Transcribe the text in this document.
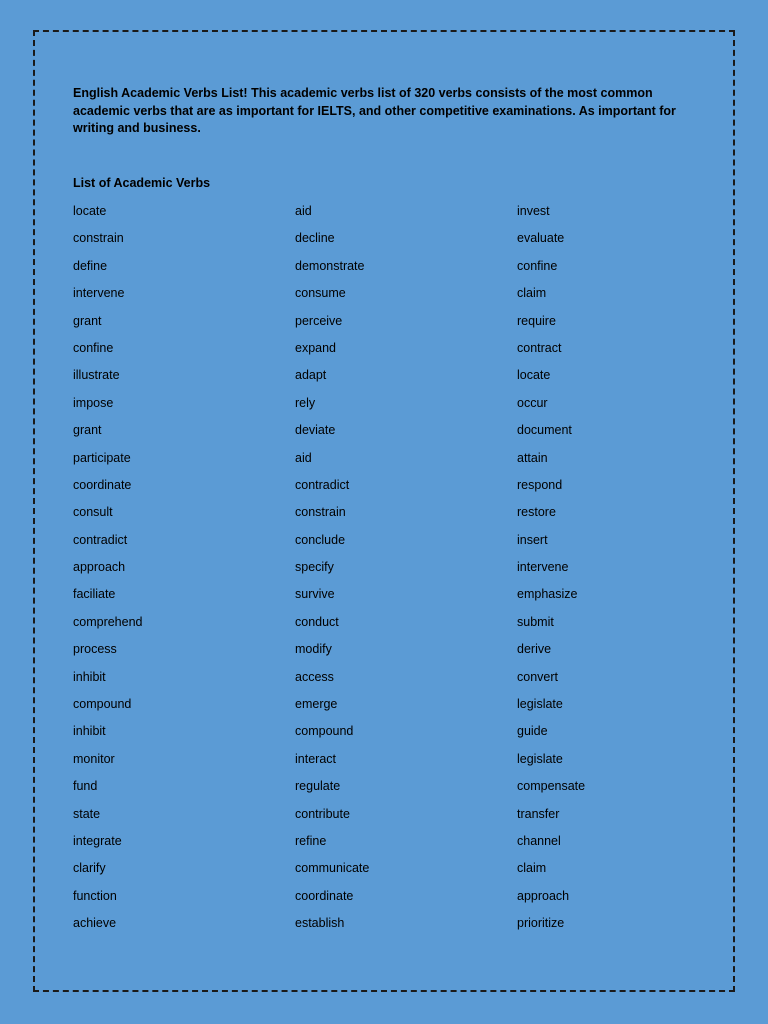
English Academic Verbs List! This academic verbs list of 320 verbs consists of the most common academic verbs that are as important for IELTS, and other competitive examinations. As important for writing and business.

List of Academic Verbs

locate	aid	invest
constrain	decline	evaluate
define	demonstrate	confine
intervene	consume	claim
grant	perceive	require
confine	expand	contract
illustrate	adapt	locate
impose	rely	occur
grant	deviate	document
participate	aid	attain
coordinate	contradict	respond
consult	constrain	restore
contradict	conclude	insert
approach	specify	intervene
faciliate	survive	emphasize
comprehend	conduct	submit
process	modify	derive
inhibit	access	convert
compound	emerge	legislate
inhibit	compound	guide
monitor	interact	legislate
fund	regulate	compensate
state	contribute	transfer
integrate	refine	channel
clarify	communicate	claim
function	coordinate	approach
achieve	establish	prioritize
